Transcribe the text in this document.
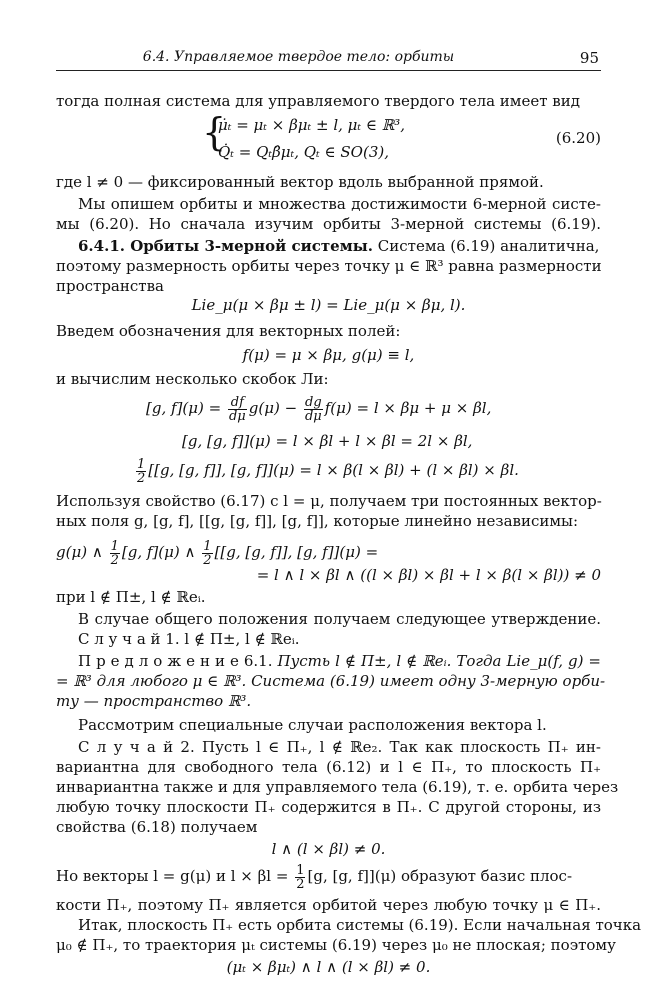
6.4. Управляемое твердое тело: орбиты	95
тогда полная система для управляемого твердого тела имеет вид
{
μ̇ₜ = μₜ × βμₜ ± l, μₜ ∈ ℝ³,
Q̇ₜ = Qₜβ̂μₜ, Qₜ ∈ SO(3),
(6.20)
где l ≠ 0 — фиксированный вектор вдоль выбранной прямой.
Мы опишем орбиты и множества достижимости 6-мерной систе-
мы (6.20). Но сначала изучим орбиты 3-мерной системы (6.19).
6.4.1. Орбиты 3-мерной системы. Система (6.19) аналитична,
поэтому размерность орбиты через точку μ ∈ ℝ³ равна размерности
пространства
Lie_μ(μ × βμ ± l) = Lie_μ(μ × βμ, l).
Введем обозначения для векторных полей:
f(μ) = μ × βμ, g(μ) ≡ l,
и вычислим несколько скобок Ли:
[g, $f](\mu) = \frac{df}{d\mu} g(\mu) - \frac{dg}{d\mu} f(\mu) = l \times \beta\mu + \mu \times \beta l$,
[g, [g, f]](μ) = l × βl + l × βl = 2l × βl,
$\frac{1}{2} [[g$, [g, f]], [g, f]](μ) = l × β(l × βl) + (l × βl) × βl.
Используя свойство (6.17) с l = μ, получаем три постоянных вектор-
ных поля g, [g, f], [[g, [g, f]], [g, f]], которые линейно независимы:
g(μ) ∧ $\frac{1}{2} [g$, f](μ) ∧ $\frac{1}{2} [[g$, [g, f]], [g, f]](μ) =
= l ∧ l × βl ∧ ((l × βl) × βl + l × β(l × βl)) ≠ 0
при l ∉ Π±, l ∉ ℝeᵢ.
В случае общего положения получаем следующее утверждение.
С л у ч а й 1. l ∉ Π±, l ∉ ℝeᵢ.
П р е д л о ж е н и е 6.1. Пусть l ∉ Π±, l ∉ ℝeᵢ. Тогда Lie_μ(f, g) =
= ℝ³ для любого μ ∈ ℝ³. Система (6.19) имеет одну 3-мерную орби-
ту — пространство ℝ³.
Рассмотрим специальные случаи расположения вектора l.
С л у ч а й 2. Пусть l ∈ Π₊, l ∉ ℝe₂. Так как плоскость Π₊ ин-
вариантна для свободного тела (6.12) и l ∈ Π₊, то плоскость Π₊
инвариантна также и для управляемого тела (6.19), т. е. орбита через
любую точку плоскости Π₊ содержится в Π₊. С другой стороны, из
свойства (6.18) получаем
l ∧ (l × βl) ≠ 0.
Но векторы l = g(μ) и $l \times \beta l = \frac{1}{2} [g$, [g, f]](μ) образуют базис плос-
кости Π₊, поэтому Π₊ является орбитой через любую точку μ ∈ Π₊.
Итак, плоскость Π₊ есть орбита системы (6.19). Если начальная точка
μ₀ ∉ Π₊, то траектория μₜ системы (6.19) через μ₀ не плоская; поэтому
(μₜ × βμₜ) ∧ l ∧ (l × βl) ≠ 0.
